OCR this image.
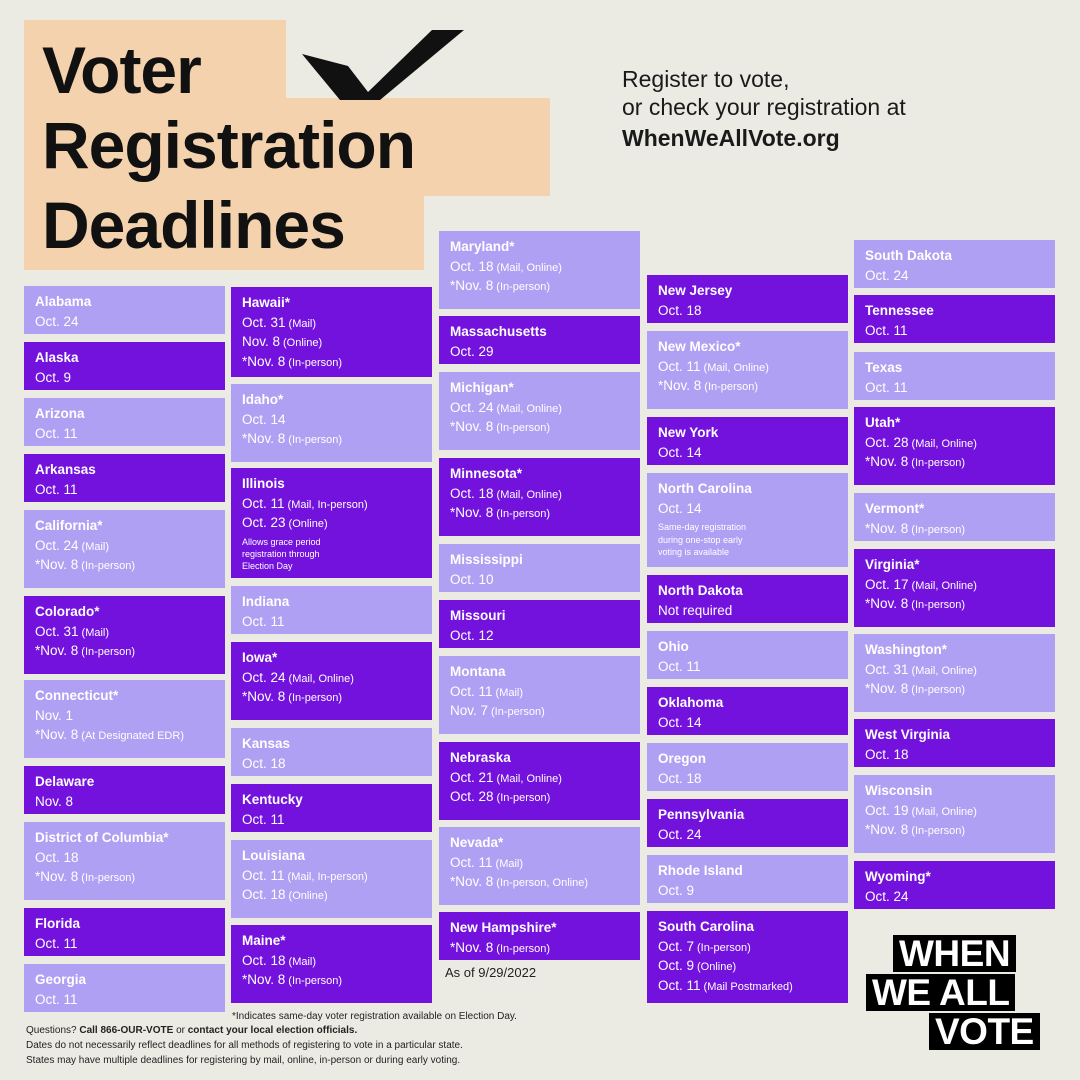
Voter
Registration
Deadlines
Register to vote,
or check your registration at
WhenWeAllVote.org
Alabama
Oct. 24
Alaska
Oct. 9
Arizona
Oct. 11
Arkansas
Oct. 11
California*
Oct. 24 (Mail)
*Nov. 8 (In-person)
Colorado*
Oct. 31 (Mail)
*Nov. 8 (In-person)
Connecticut*
Nov. 1
*Nov. 8 (At Designated EDR)
Delaware
Nov. 8
District of Columbia*
Oct. 18
*Nov. 8 (In-person)
Florida
Oct. 11
Georgia
Oct. 11
Hawaii*
Oct. 31 (Mail)
Nov. 8 (Online)
*Nov. 8 (In-person)
Idaho*
Oct. 14
*Nov. 8 (In-person)
Illinois
Oct. 11 (Mail, In-person)
Oct. 23 (Online)
Allows grace period
registration through
Election Day
Indiana
Oct. 11
Iowa*
Oct. 24 (Mail, Online)
*Nov. 8 (In-person)
Kansas
Oct. 18
Kentucky
Oct. 11
Louisiana
Oct. 11 (Mail, In-person)
Oct. 18 (Online)
Maine*
Oct. 18 (Mail)
*Nov. 8 (In-person)
Maryland*
Oct. 18 (Mail, Online)
*Nov. 8 (In-person)
Massachusetts
Oct. 29
Michigan*
Oct. 24 (Mail, Online)
*Nov. 8 (In-person)
Minnesota*
Oct. 18 (Mail, Online)
*Nov. 8 (In-person)
Mississippi
Oct. 10
Missouri
Oct. 12
Montana
Oct. 11 (Mail)
Nov. 7 (In-person)
Nebraska
Oct. 21 (Mail, Online)
Oct. 28 (In-person)
Nevada*
Oct. 11 (Mail)
*Nov. 8 (In-person, Online)
New Hampshire*
*Nov. 8 (In-person)
New Jersey
Oct. 18
New Mexico*
Oct. 11 (Mail, Online)
*Nov. 8 (In-person)
New York
Oct. 14
North Carolina
Oct. 14
Same-day registration
during one-stop early
voting is available
North Dakota
Not required
Ohio
Oct. 11
Oklahoma
Oct. 14
Oregon
Oct. 18
Pennsylvania
Oct. 24
Rhode Island
Oct. 9
South Carolina
Oct. 7 (In-person)
Oct. 9 (Online)
Oct. 11 (Mail Postmarked)
South Dakota
Oct. 24
Tennessee
Oct. 11
Texas
Oct. 11
Utah*
Oct. 28 (Mail, Online)
*Nov. 8 (In-person)
Vermont*
*Nov. 8 (In-person)
Virginia*
Oct. 17 (Mail, Online)
*Nov. 8 (In-person)
Washington*
Oct. 31 (Mail, Online)
*Nov. 8 (In-person)
West Virginia
Oct. 18
Wisconsin
Oct. 19 (Mail, Online)
*Nov. 8 (In-person)
Wyoming*
Oct. 24
As of 9/29/2022
*Indicates same-day voter registration available on Election Day.
Questions? Call 866-OUR-VOTE or contact your local election officials.
Dates do not necessarily reflect deadlines for all methods of registering to vote in a particular state.
States may have multiple deadlines for registering by mail, online, in-person or during early voting.
WHEN
WE ALL
VOTE
